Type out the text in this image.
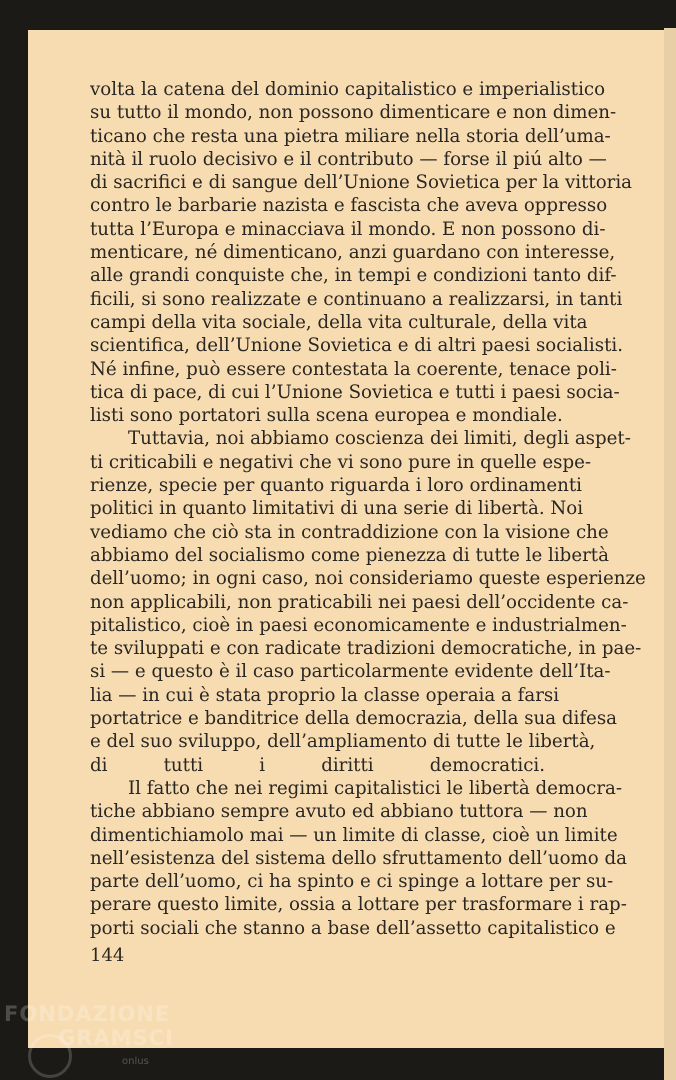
volta la catena del dominio capitalistico e imperialistico
su tutto il mondo, non possono dimenticare e non dimen-
ticano che resta una pietra miliare nella storia dell’uma-
nità il ruolo decisivo e il contributo — forse il piú alto —
di sacrifici e di sangue dell’Unione Sovietica per la vittoria
contro le barbarie nazista e fascista che aveva oppresso
tutta l’Europa e minacciava il mondo. E non possono di-
menticare, né dimenticano, anzi guardano con interesse,
alle grandi conquiste che, in tempi e condizioni tanto dif-
ficili, si sono realizzate e continuano a realizzarsi, in tanti
campi della vita sociale, della vita culturale, della vita
scientifica, dell’Unione Sovietica e di altri paesi socialisti.
Né infine, può essere contestata la coerente, tenace poli-
tica di pace, di cui l’Unione Sovietica e tutti i paesi socia-
listi sono portatori sulla scena europea e mondiale.
Tuttavia, noi abbiamo coscienza dei limiti, degli aspet-
ti criticabili e negativi che vi sono pure in quelle espe-
rienze, specie per quanto riguarda i loro ordinamenti
politici in quanto limitativi di una serie di libertà. Noi
vediamo che ciò sta in contraddizione con la visione che
abbiamo del socialismo come pienezza di tutte le libertà
dell’uomo; in ogni caso, noi consideriamo queste esperienze
non applicabili, non praticabili nei paesi dell’occidente ca-
pitalistico, cioè in paesi economicamente e industrialmen-
te sviluppati e con radicate tradizioni democratiche, in pae-
si — e questo è il caso particolarmente evidente dell’Ita-
lia — in cui è stata proprio la classe operaia a farsi
portatrice e banditrice della democrazia, della sua difesa
e del suo sviluppo, dell’ampliamento di tutte le libertà,
di tutti i diritti democratici.
Il fatto che nei regimi capitalistici le libertà democra-
tiche abbiano sempre avuto ed abbiano tuttora — non
dimentichiamolo mai — un limite di classe, cioè un limite
nell’esistenza del sistema dello sfruttamento dell’uomo da
parte dell’uomo, ci ha spinto e ci spinge a lottare per su-
perare questo limite, ossia a lottare per trasformare i rap-
porti sociali che stanno a base dell’assetto capitalistico e
144
FONDAZIONE
GRAMSCI
onlus
